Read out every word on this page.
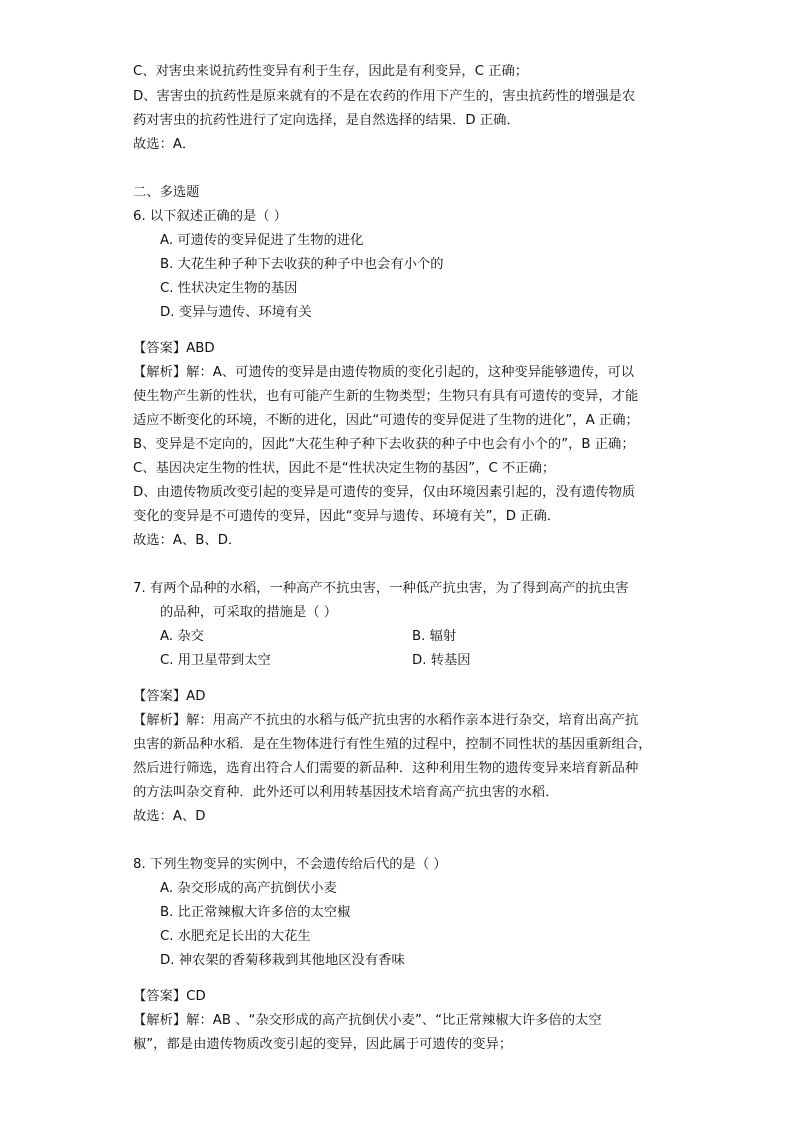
C、对害虫来说抗药性变异有利于生存，因此是有利变异，C 正确；
D、害害虫的抗药性是原来就有的不是在农药的作用下产生的，害虫抗药性的增强是农
药对害虫的抗药性进行了定向选择，是自然选择的结果．D 正确．
故选：A．
二、多选题
6. 以下叙述正确的是（ ）
A. 可遗传的变异促进了生物的进化
B. 大花生种子种下去收获的种子中也会有小个的
C. 性状决定生物的基因
D. 变异与遗传、环境有关
【答案】ABD
【解析】解：A、可遗传的变异是由遗传物质的变化引起的，这种变异能够遗传，可以
使生物产生新的性状，也有可能产生新的生物类型；生物只有具有可遗传的变异，才能
适应不断变化的环境，不断的进化，因此“可遗传的变异促进了生物的进化”，A 正确；
B、变异是不定向的，因此“大花生种子种下去收获的种子中也会有小个的”，B 正确；
C、基因决定生物的性状，因此不是“性状决定生物的基因”，C 不正确；
D、由遗传物质改变引起的变异是可遗传的变异，仅由环境因素引起的，没有遗传物质
变化的变异是不可遗传的变异，因此“变异与遗传、环境有关”，D 正确．
故选：A、B、D．
7. 有两个品种的水稻，一种高产不抗虫害，一种低产抗虫害，为了得到高产的抗虫害
的品种，可采取的措施是（ ）
A. 杂交	B. 辐射
C. 用卫星带到太空	D. 转基因
【答案】AD
【解析】解：用高产不抗虫的水稻与低产抗虫害的水稻作亲本进行杂交，培育出高产抗
虫害的新品种水稻．是在生物体进行有性生殖的过程中，控制不同性状的基因重新组合，
然后进行筛选，选育出符合人们需要的新品种．这种利用生物的遗传变异来培育新品种
的方法叫杂交育种．此外还可以利用转基因技术培育高产抗虫害的水稻．
故选：A、D
8. 下列生物变异的实例中，不会遗传给后代的是（ ）
A. 杂交形成的高产抗倒伏小麦
B. 比正常辣椒大许多倍的太空椒
C. 水肥充足长出的大花生
D. 神农架的香菊移栽到其他地区没有香味
【答案】CD
【解析】解：AB 、“杂交形成的高产抗倒伏小麦”、“比正常辣椒大许多倍的太空
椒”，都是由遗传物质改变引起的变异，因此属于可遗传的变异；
